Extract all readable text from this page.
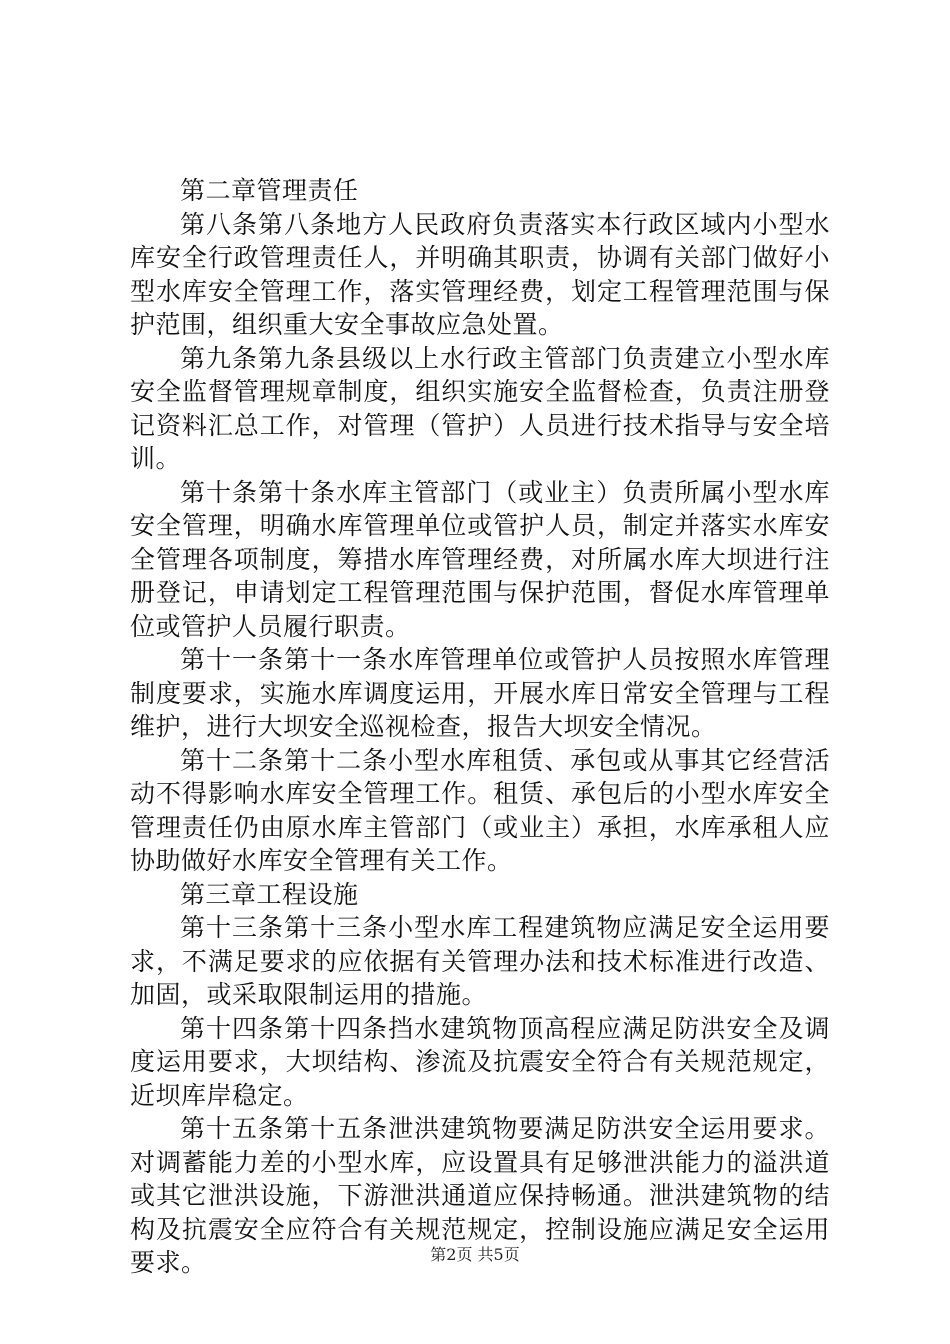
第二章管理责任

第八条第八条地方人民政府负责落实本行政区域内小型水库安全行政管理责任人，并明确其职责，协调有关部门做好小型水库安全管理工作，落实管理经费，划定工程管理范围与保护范围，组织重大安全事故应急处置。

第九条第九条县级以上水行政主管部门负责建立小型水库安全监督管理规章制度，组织实施安全监督检查，负责注册登记资料汇总工作，对管理（管护）人员进行技术指导与安全培训。

第十条第十条水库主管部门（或业主）负责所属小型水库安全管理，明确水库管理单位或管护人员，制定并落实水库安全管理各项制度，筹措水库管理经费，对所属水库大坝进行注册登记，申请划定工程管理范围与保护范围，督促水库管理单位或管护人员履行职责。

第十一条第十一条水库管理单位或管护人员按照水库管理制度要求，实施水库调度运用，开展水库日常安全管理与工程维护，进行大坝安全巡视检查，报告大坝安全情况。

第十二条第十二条小型水库租赁、承包或从事其它经营活动不得影响水库安全管理工作。租赁、承包后的小型水库安全管理责任仍由原水库主管部门（或业主）承担，水库承租人应协助做好水库安全管理有关工作。

第三章工程设施

第十三条第十三条小型水库工程建筑物应满足安全运用要求，不满足要求的应依据有关管理办法和技术标准进行改造、加固，或采取限制运用的措施。

第十四条第十四条挡水建筑物顶高程应满足防洪安全及调度运用要求，大坝结构、渗流及抗震安全符合有关规范规定，近坝库岸稳定。

第十五条第十五条泄洪建筑物要满足防洪安全运用要求。对调蓄能力差的小型水库，应设置具有足够泄洪能力的溢洪道或其它泄洪设施，下游泄洪通道应保持畅通。泄洪建筑物的结构及抗震安全应符合有关规范规定，控制设施应满足安全运用要求。	第2页 共5页
